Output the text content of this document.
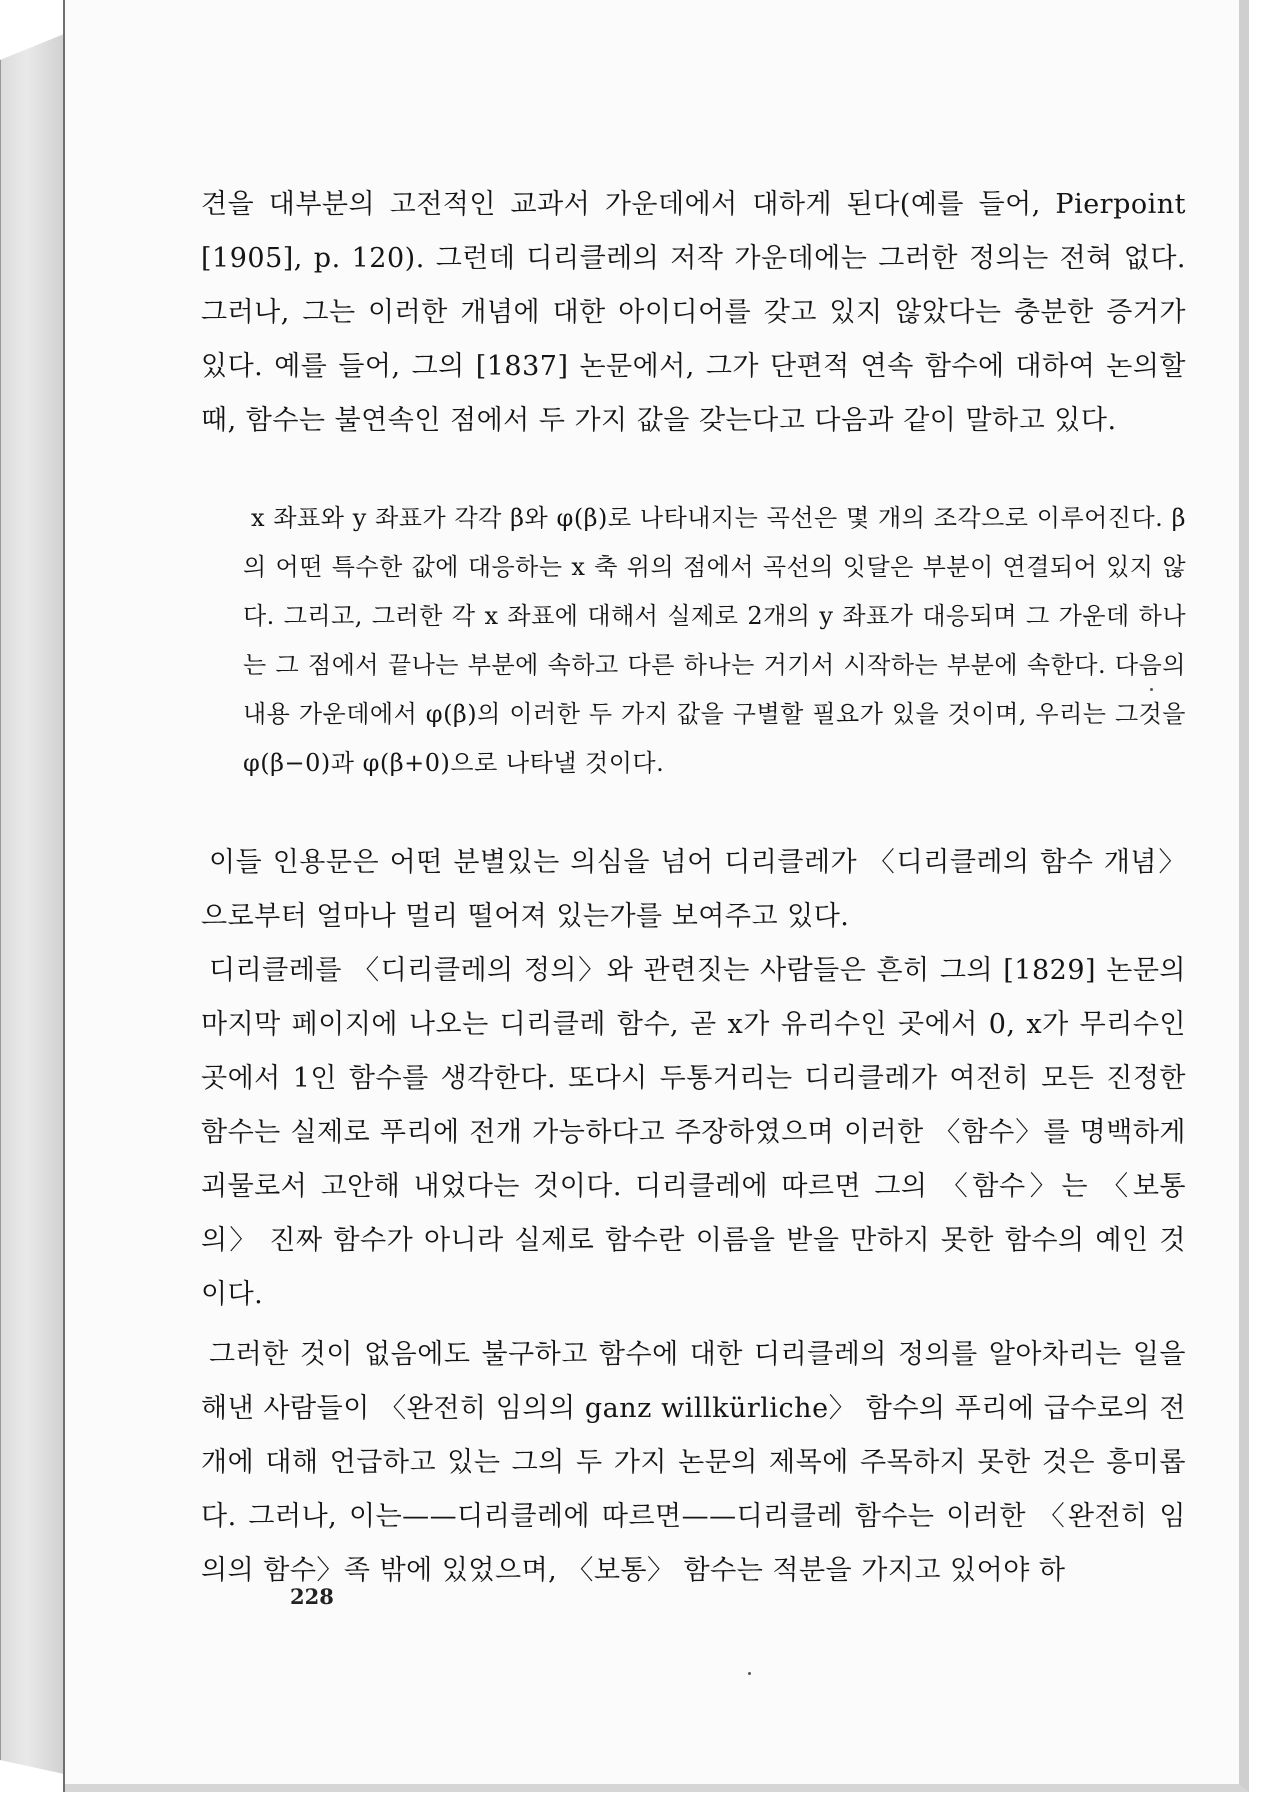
견을 대부분의 고전적인 교과서 가운데에서 대하게 된다(예를 들어, Pierpoint [1905], p. 120). 그런데 디리클레의 저작 가운데에는 그러한 정의는 전혀 없다. 그러나, 그는 이러한 개념에 대한 아이디어를 갖고 있지 않았다는 충분한 증거가 있다. 예를 들어, 그의 [1837] 논문에서, 그가 단편적 연속 함수에 대하여 논의할 때, 함수는 불연속인 점에서 두 가지 값을 갖는다고 다음과 같이 말하고 있다.

x 좌표와 y 좌표가 각각 β와 φ(β)로 나타내지는 곡선은 몇 개의 조각으로 이루어진다. β의 어떤 특수한 값에 대응하는 x 축 위의 점에서 곡선의 잇달은 부분이 연결되어 있지 않다. 그리고, 그러한 각 x 좌표에 대해서 실제로 2개의 y 좌표가 대응되며 그 가운데 하나는 그 점에서 끝나는 부분에 속하고 다른 하나는 거기서 시작하는 부분에 속한다. 다음의 내용 가운데에서 φ(β)의 이러한 두 가지 값을 구별할 필요가 있을 것이며, 우리는 그것을 φ(β−0)과 φ(β+0)으로 나타낼 것이다.

이들 인용문은 어떤 분별있는 의심을 넘어 디리클레가 〈디리클레의 함수 개념〉으로부터 얼마나 멀리 떨어져 있는가를 보여주고 있다.

디리클레를 〈디리클레의 정의〉와 관련짓는 사람들은 흔히 그의 [1829] 논문의 마지막 페이지에 나오는 디리클레 함수, 곧 x가 유리수인 곳에서 0, x가 무리수인 곳에서 1인 함수를 생각한다. 또다시 두통거리는 디리클레가 여전히 모든 진정한 함수는 실제로 푸리에 전개 가능하다고 주장하였으며 이러한 〈함수〉를 명백하게 괴물로서 고안해 내었다는 것이다. 디리클레에 따르면 그의 〈함수〉는 〈보통의〉 진짜 함수가 아니라 실제로 함수란 이름을 받을 만하지 못한 함수의 예인 것이다.

그러한 것이 없음에도 불구하고 함수에 대한 디리클레의 정의를 알아차리는 일을 해낸 사람들이 〈완전히 임의의 ganz willkürliche〉 함수의 푸리에 급수로의 전개에 대해 언급하고 있는 그의 두 가지 논문의 제목에 주목하지 못한 것은 흥미롭다. 그러나, 이는——디리클레에 따르면——디리클레 함수는 이러한 〈완전히 임의의 함수〉족 밖에 있었으며, 〈보통〉 함수는 적분을 가지고 있어야 하

228
